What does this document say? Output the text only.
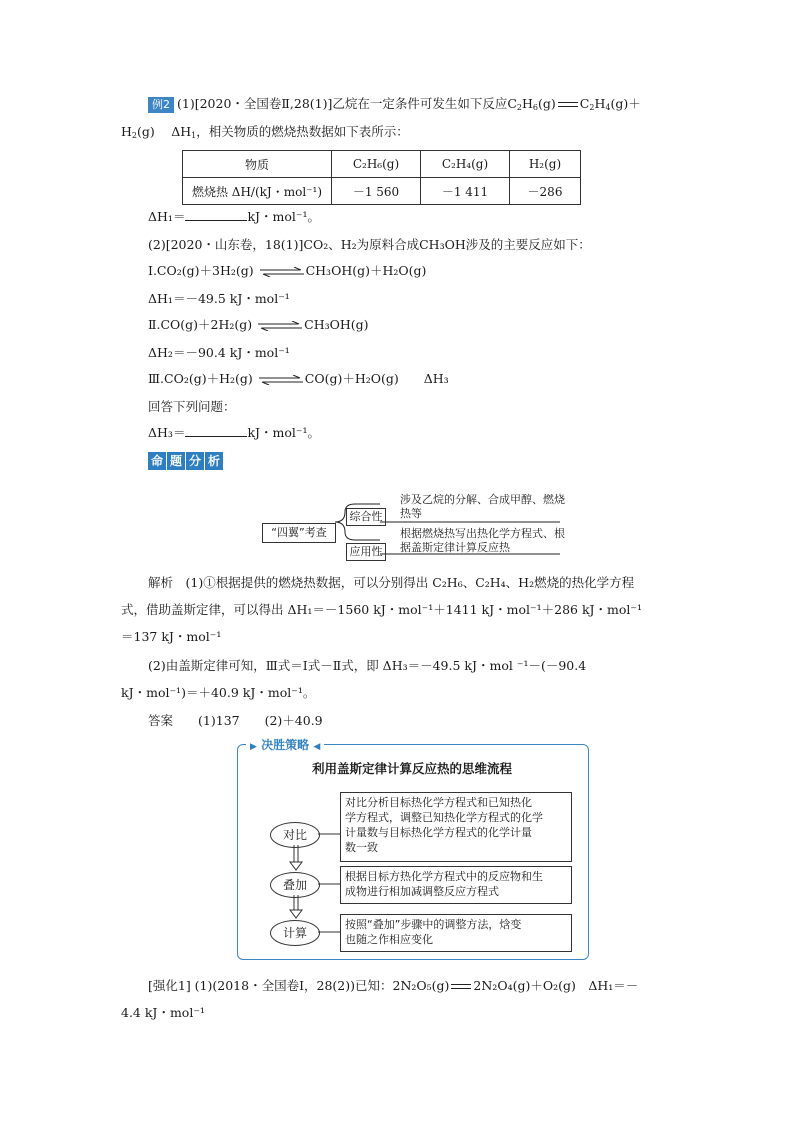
例2 (1)[2020・全国卷Ⅱ,28(1)]乙烷在一定条件可发生如下反应$C_2H_6(g)$ $C_2H_4(g)+$
$H_2(g)$　 $\Delta H_1$，相关物质的燃烧热数据如下表所示：
物质	C₂H₆(g)	C₂H₄(g)	H₂(g)
燃烧热 ΔH/(kJ・mol⁻¹)	－1 560	－1 411	－286
ΔH₁＝	kJ・mol⁻¹。
(2)[2020・山东卷，18(1)]CO₂、H₂为原料合成CH₃OH涉及的主要反应如下：
Ⅰ.CO₂(g)＋3H₂(g) ⇌ CH₃OH(g)＋H₂O(g)
ΔH₁＝－49.5 kJ・mol⁻¹
Ⅱ.CO(g)＋2H₂(g) ⇌ CH₃OH(g)
ΔH₂＝－90.4 kJ・mol⁻¹
Ⅲ.CO₂(g)＋H₂(g) ⇌ CO(g)＋H₂O(g)　　ΔH₃
回答下列问题：
ΔH₃＝	kJ・mol⁻¹。
命 题 分 析
“四翼”考查
综合性
应用性
涉及乙烷的分解、合成甲醇、燃烧
热等
根据燃烧热写出热化学方程式、根
据盖斯定律计算反应热
解析　 (1)①根据提供的燃烧热数据，可以分别得出 C₂H₆、C₂H₄、H₂燃烧的热化学方程
式，借助盖斯定律，可以得出 ΔH₁＝－1560 kJ・mol⁻¹＋1411 kJ・mol⁻¹＋286 kJ・mol⁻¹
＝137 kJ・mol⁻¹
(2)由盖斯定律可知，Ⅲ式＝Ⅰ式－Ⅱ式，即 ΔH₃＝－49.5 kJ・mol ⁻¹－(－90.4
kJ・mol⁻¹)＝＋40.9 kJ・mol⁻¹。
答案　　 (1)137　　(2)＋40.9
▶ 决胜策略 ◀
利用盖斯定律计算反应热的思维流程
对比
叠加
计算
对比分析目标热化学方程式和已知热化
学方程式，调整已知热化学方程式的化学
计量数与目标热化学方程式的化学计量
数一致
根据目标方热化学方程式中的反应物和生
成物进行相加减调整反应方程式
按照“叠加”步骤中的调整方法，焓变
也随之作相应变化
[强化1] (1)(2018・全国卷Ⅰ，28(2))已知：2N₂O₅(g) 2N₂O₄(g)＋O₂(g)　ΔH₁＝－
4.4 kJ・mol⁻¹
